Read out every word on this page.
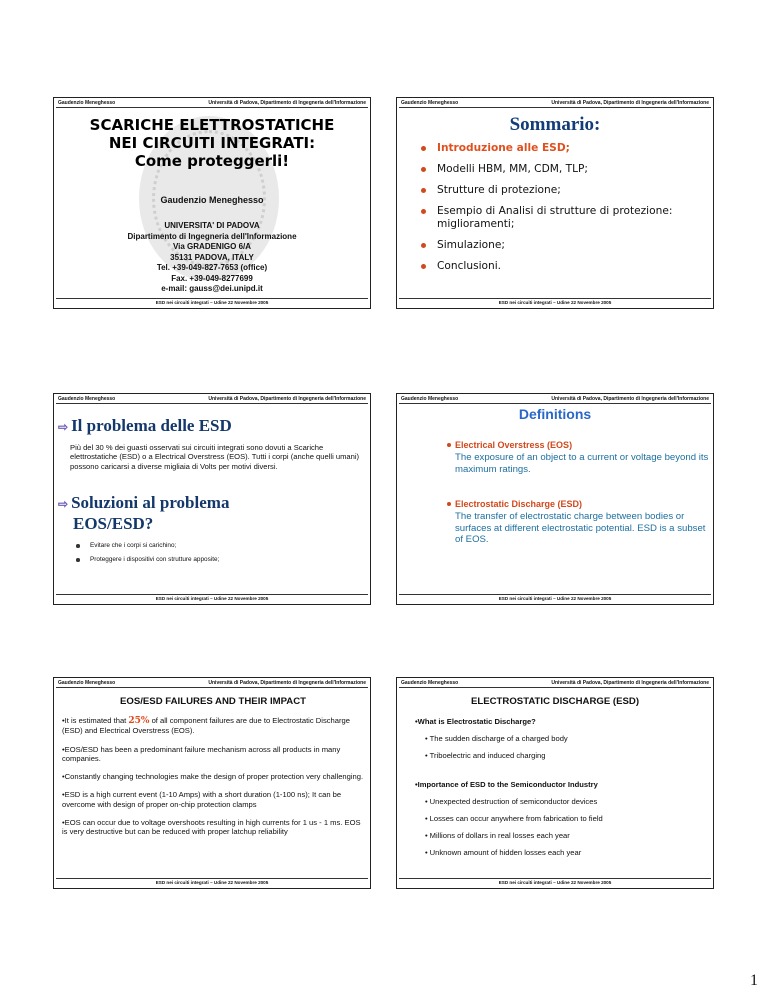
Gaudenzio Meneghesso	Università di Padova, Dipartimento di Ingegneria dell'Informazione
SCARICHE ELETTROSTATICHE
NEI CIRCUITI INTEGRATI:
Come proteggerli!
Gaudenzio Meneghesso
UNIVERSITA' DI PADOVA
Dipartimento di Ingegneria dell'Informazione
Via GRADENIGO 6/A
35131 PADOVA, ITALY
Tel. +39-049-827-7653 (office)
Fax. +39-049-8277699
e-mail: gauss@dei.unipd.it
ESD nei circuiti integrati – Udine 22 Novembre 2005
Gaudenzio Meneghesso	Università di Padova, Dipartimento di Ingegneria dell'Informazione
Sommario:
Introduzione alle ESD;
Modelli HBM, MM, CDM, TLP;
Strutture di protezione;
Esempio di Analisi di strutture di protezione: miglioramenti;
Simulazione;
Conclusioni.
ESD nei circuiti integrati – Udine 22 Novembre 2005
Gaudenzio Meneghesso	Università di Padova, Dipartimento di Ingegneria dell'Informazione
⇨ Il problema delle ESD
Più del 30 % dei guasti osservati sui circuiti integrati sono dovuti a Scariche elettrostatiche (ESD) o a Electrical Overstress (EOS). Tutti i corpi (anche quelli umani) possono caricarsi a diverse migliaia di Volts per motivi diversi.
⇨ Soluzioni al problema
EOS/ESD?
Evitare che i corpi si carichino;
Proteggere i dispositivi con strutture apposite;
ESD nei circuiti integrati – Udine 22 Novembre 2005
Gaudenzio Meneghesso	Università di Padova, Dipartimento di Ingegneria dell'Informazione
Definitions
Electrical Overstress (EOS)
The exposure of an object to a current or voltage beyond its maximum ratings.
Electrostatic Discharge (ESD)
The transfer of electrostatic charge between bodies or surfaces at different electrostatic potential. ESD is a subset of EOS.
ESD nei circuiti integrati – Udine 22 Novembre 2005
Gaudenzio Meneghesso	Università di Padova, Dipartimento di Ingegneria dell'Informazione
EOS/ESD FAILURES AND THEIR IMPACT
•It is estimated that 25% of all component failures are due to Electrostatic Discharge (ESD) and Electrical Overstress (EOS).
•EOS/ESD has been a predominant failure mechanism across all products in many companies.
•Constantly changing technologies make the design of proper protection very challenging.
•ESD is a high current event (1-10 Amps) with a short duration (1-100 ns); It can be overcome with design of proper on-chip protection clamps
•EOS can occur due to voltage overshoots resulting in high currents for 1 us - 1 ms. EOS is very destructive but can be reduced with proper latchup reliability
ESD nei circuiti integrati – Udine 22 Novembre 2005
Gaudenzio Meneghesso	Università di Padova, Dipartimento di Ingegneria dell'Informazione
ELECTROSTATIC DISCHARGE (ESD)
•What is Electrostatic Discharge?
• The sudden discharge of a charged body
• Triboelectric and induced charging
•Importance of ESD to the Semiconductor Industry
• Unexpected destruction of semiconductor devices
• Losses can occur anywhere from fabrication to field
• Millions of dollars in real losses each year
• Unknown amount of hidden losses each year
ESD nei circuiti integrati – Udine 22 Novembre 2005
1
